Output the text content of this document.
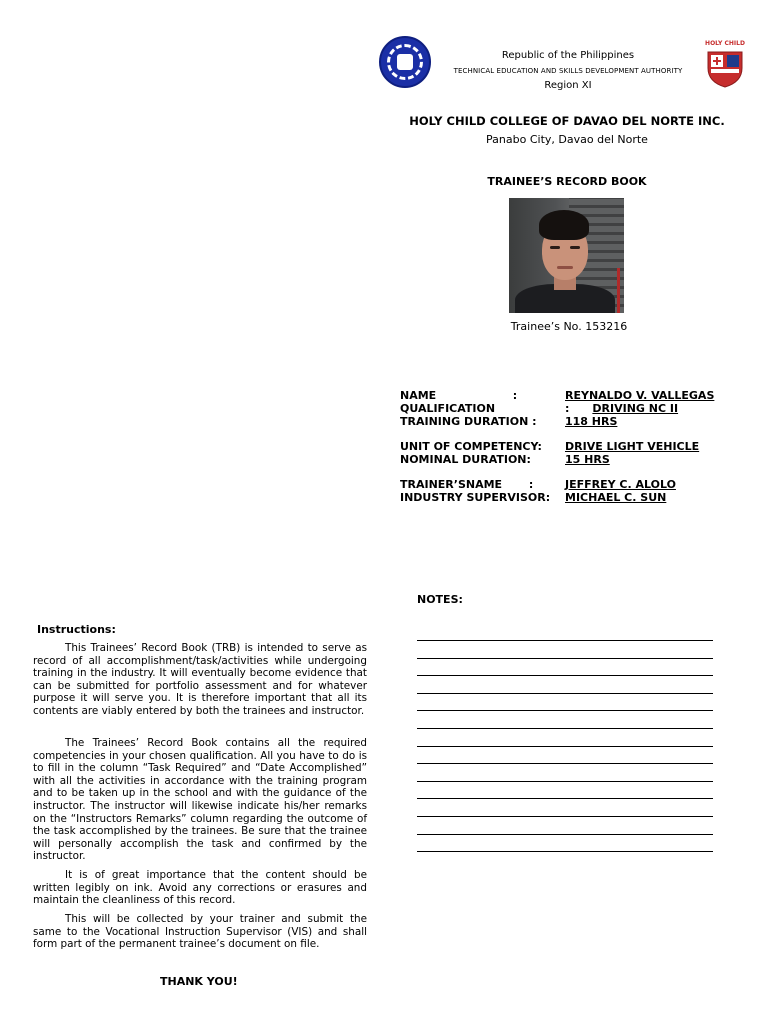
HOLY CHILD
Republic of the Philippines
TECHNICAL EDUCATION AND SKILLS DEVELOPMENT AUTHORITY
Region XI
HOLY CHILD COLLEGE OF DAVAO DEL NORTE INC.
Panabo City, Davao del Norte
TRAINEE’S RECORD BOOK
Trainee’s No. 153216
NAME                    :	REYNALDO V. VALLEGAS
QUALIFICATION	:      DRIVING NC II
TRAINING DURATION :	118 HRS
UNIT OF COMPETENCY: DRIVE LIGHT VEHICLE
NOMINAL DURATION:	15 HRS
TRAINER’SNAME       :	JEFFREY C. ALOLO
INDUSTRY SUPERVISOR: MICHAEL C. SUN
NOTES:
Instructions:

This Trainees’ Record Book (TRB) is intended to serve as record of all accomplishment/task/activities while undergoing training in the industry. It will eventually become evidence that can be submitted for portfolio assessment and for whatever purpose it will serve you. It is therefore important that all its contents are viably entered by both the trainees and instructor.

The Trainees’ Record Book contains all the required competencies in your chosen qualification. All you have to do is to fill in the column “Task Required” and “Date Accomplished” with all the activities in accordance with the training program and to be taken up in the school and with the guidance of the instructor. The instructor will likewise indicate his/her remarks on the “Instructors Remarks” column regarding the outcome of the task accomplished by the trainees. Be sure that the trainee will personally accomplish the task and confirmed by the instructor.

It is of great importance that the content should be written legibly on ink. Avoid any corrections or erasures and maintain the cleanliness of this record.

This will be collected by your trainer and submit the same to the Vocational Instruction Supervisor (VIS) and shall form part of the permanent trainee’s document on file.

THANK YOU!
